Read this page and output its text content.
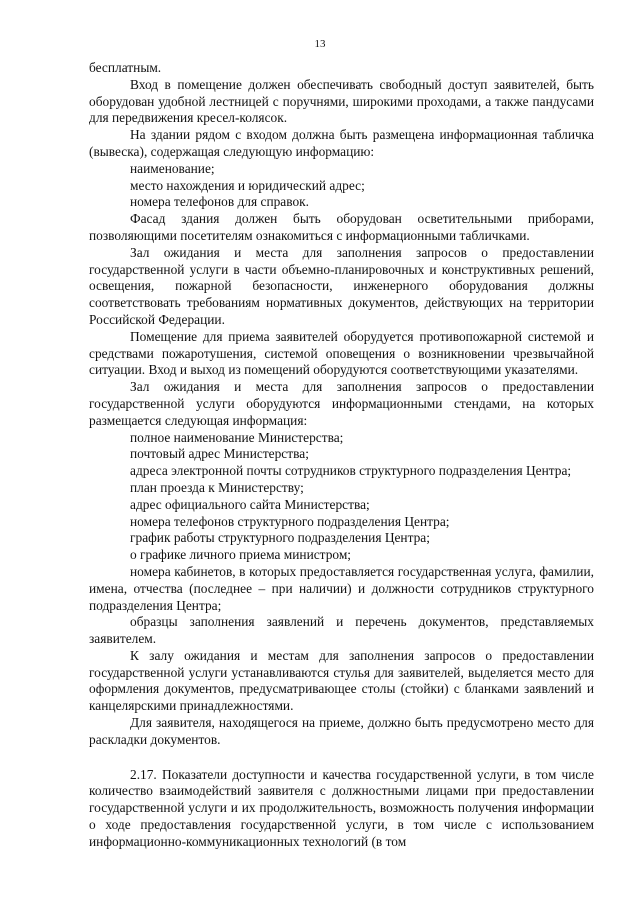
13

бесплатным.

Вход в помещение должен обеспечивать свободный доступ заявителей, быть оборудован удобной лестницей с поручнями, широкими проходами, а также пандусами для передвижения кресел-колясок.

На здании рядом с входом должна быть размещена информационная табличка (вывеска), содержащая следующую информацию:

наименование;

место нахождения и юридический адрес;

номера телефонов для справок.

Фасад здания должен быть оборудован осветительными приборами, позволяющими посетителям ознакомиться с информационными табличками.

Зал ожидания и места для заполнения запросов о предоставлении государственной услуги в части объемно-планировочных и конструктивных решений, освещения, пожарной безопасности, инженерного оборудования должны соответствовать требованиям нормативных документов, действующих на территории Российской Федерации.

Помещение для приема заявителей оборудуется противопожарной системой и средствами пожаротушения, системой оповещения о возникновении чрезвычайной ситуации. Вход и выход из помещений оборудуются соответствующими указателями.

Зал ожидания и места для заполнения запросов о предоставлении государственной услуги оборудуются информационными стендами, на которых размещается следующая информация:

полное наименование Министерства;

почтовый адрес Министерства;

адреса электронной почты сотрудников структурного подразделения Центра;

план проезда к Министерству;

адрес официального сайта Министерства;

номера телефонов структурного подразделения Центра;

график работы структурного подразделения Центра;

о графике личного приема министром;

номера кабинетов, в которых предоставляется государственная услуга, фамилии, имена, отчества (последнее – при наличии) и должности сотрудников структурного подразделения Центра;

образцы заполнения заявлений и перечень документов, представляемых заявителем.

К залу ожидания и местам для заполнения запросов о предоставлении государственной услуги устанавливаются стулья для заявителей, выделяется место для оформления документов, предусматривающее столы (стойки) с бланками заявлений и канцелярскими принадлежностями.

Для заявителя, находящегося на приеме, должно быть предусмотрено место для раскладки документов.

2.17. Показатели доступности и качества государственной услуги, в том числе количество взаимодействий заявителя с должностными лицами при предоставлении государственной услуги и их продолжительность, возможность получения информации о ходе предоставления государственной услуги, в том числе с использованием информационно-коммуникационных технологий (в том
